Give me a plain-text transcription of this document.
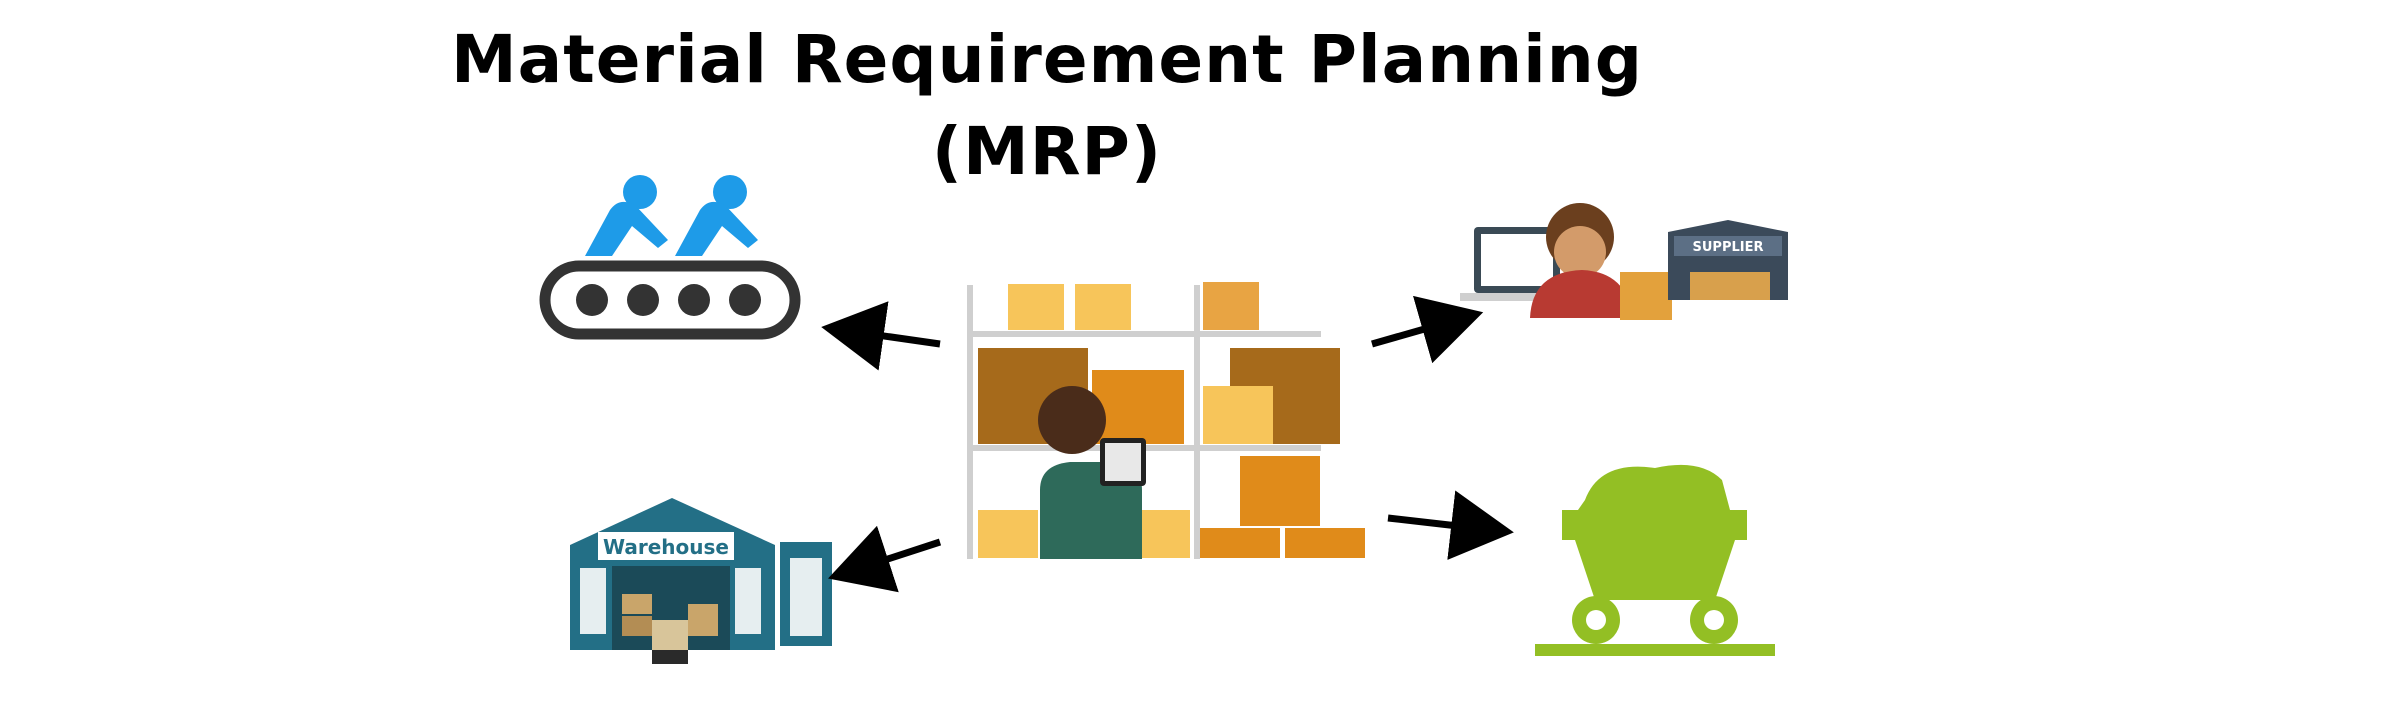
Material Requirement Planning
(MRP)
Warehouse
SUPPLIER
